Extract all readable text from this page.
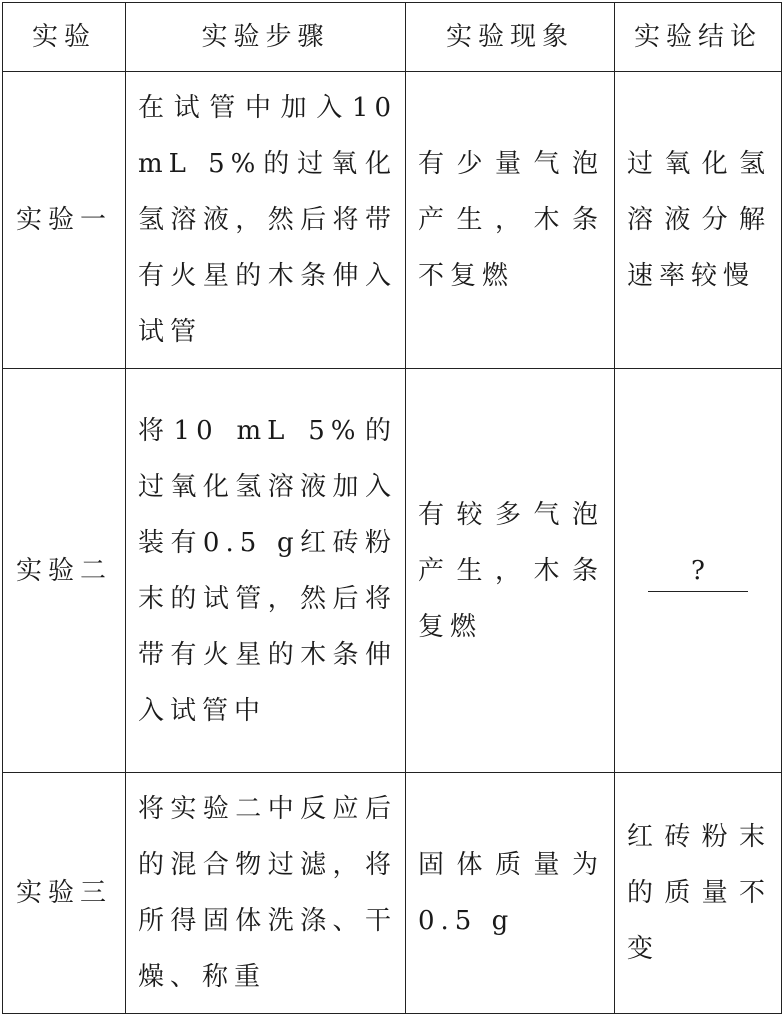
实验	实验步骤	实验现象	实验结论
实验一	在试管中加入10 mL 5%的过氧化氢溶液，然后将带有火星的木条伸入试管	有少量气泡产生，木条不复燃	过氧化氢溶液分解速率较慢
实验二	将10 mL 5%的过氧化氢溶液加入装有0.5 g红砖粉末的试管，然后将带有火星的木条伸入试管中	有较多气泡产生，木条复燃	?
实验三	将实验二中反应后的混合物过滤，将所得固体洗涤、干燥、称重	固体质量为0.5 g	红砖粉末的质量不变
